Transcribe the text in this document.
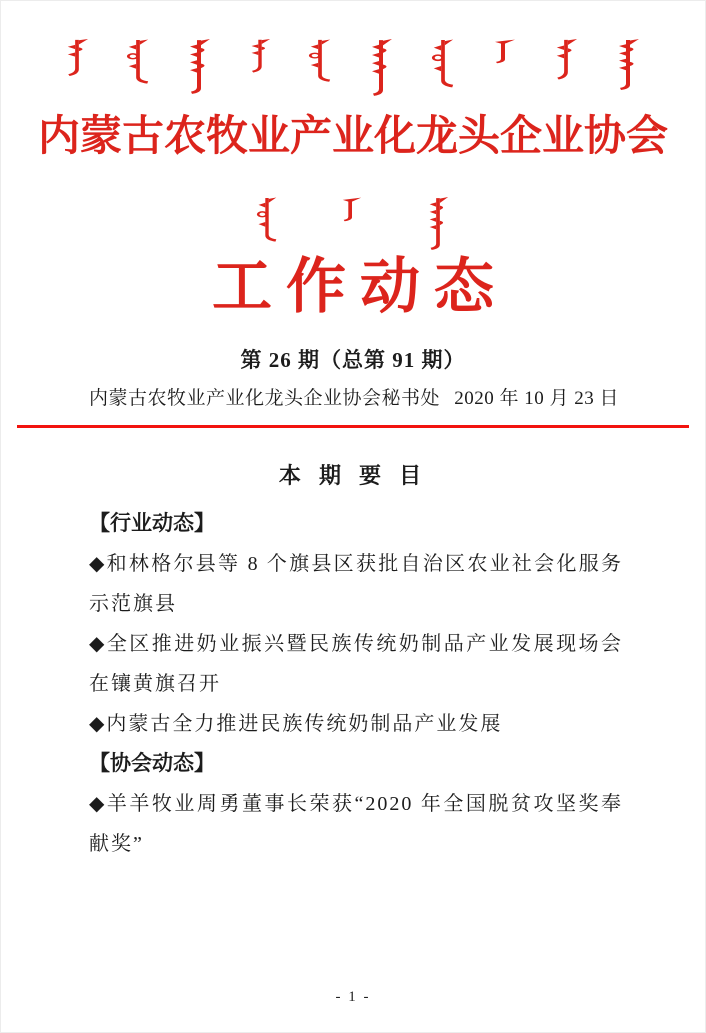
内蒙古农牧业产业化龙头企业协会
工作动态
第 26 期（总第 91 期）
内蒙古农牧业产业化龙头企业协会秘书处 2020 年 10 月 23 日
本 期 要 目
【行业动态】
◆和林格尔县等 8 个旗县区获批自治区农业社会化服务示范旗县
◆全区推进奶业振兴暨民族传统奶制品产业发展现场会在镶黄旗召开
◆内蒙古全力推进民族传统奶制品产业发展
【协会动态】
◆羊羊牧业周勇董事长荣获“2020 年全国脱贫攻坚奖奉献奖”
- 1 -
